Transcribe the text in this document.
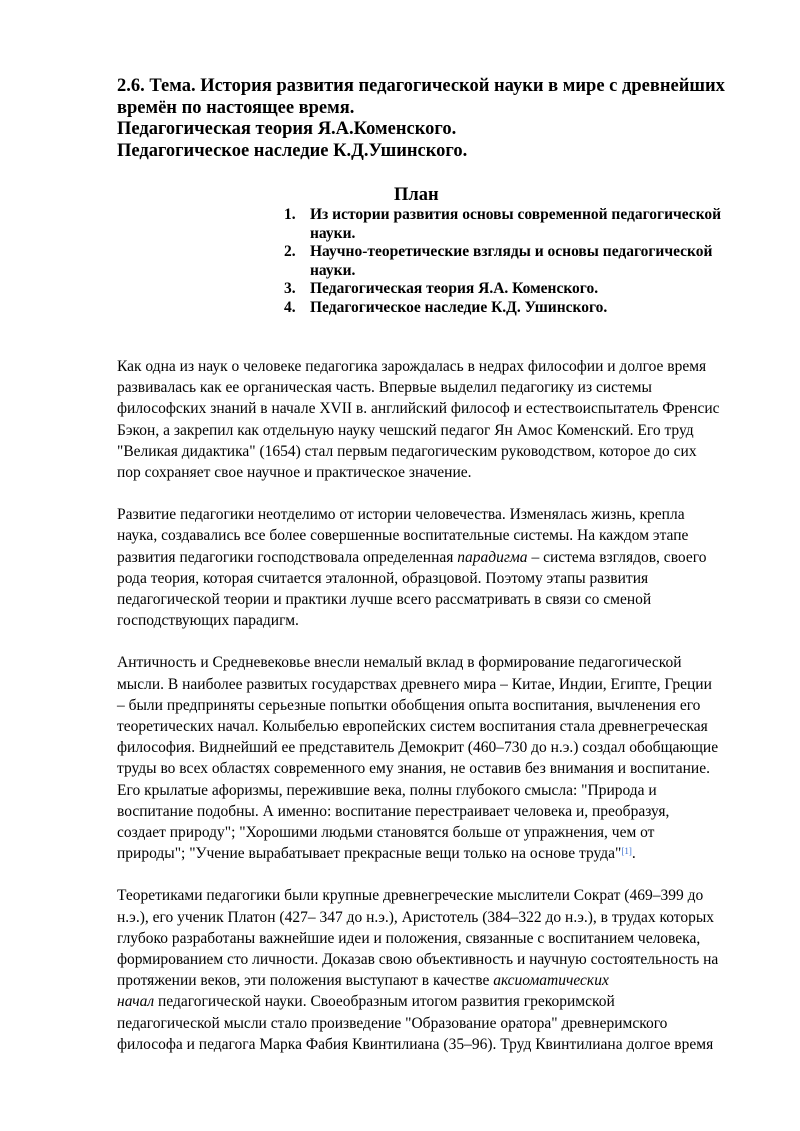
2.6. Тема. История развития педагогической науки в мире с древнейших
времён по настоящее время.
Педагогическая теория Я.А.Коменского.
Педагогическое наследие К.Д.Ушинского.
План
1. Из истории развития основы современной педагогической
науки.
2. Научно-теоретические взгляды и основы педагогической
науки.
3. Педагогическая теория Я.А. Коменского.
4. Педагогическое наследие К.Д. Ушинского.
Как одна из наук о человеке педагогика зарождалась в недрах философии и долгое время
развивалась как ее органическая часть. Впервые выделил педагогику из системы
философских знаний в начале XVII в. английский философ и естествоиспытатель Френсис
Бэкон, а закрепил как отдельную науку чешский педагог Ян Амос Коменский. Его труд
"Великая дидактика" (1654) стал первым педагогическим руководством, которое до сих
пор сохраняет свое научное и практическое значение.
Развитие педагогики неотделимо от истории человечества. Изменялась жизнь, крепла
наука, создавались все более совершенные воспитательные системы. На каждом этапе
развития педагогики господствовала определенная парадигма – система взглядов, своего
рода теория, которая считается эталонной, образцовой. Поэтому этапы развития
педагогической теории и практики лучше всего рассматривать в связи со сменой
господствующих парадигм.
Античность и Средневековье внесли немалый вклад в формирование педагогической
мысли. В наиболее развитых государствах древнего мира – Китае, Индии, Египте, Греции
– были предприняты серьезные попытки обобщения опыта воспитания, вычленения его
теоретических начал. Колыбелью европейских систем воспитания стала древнегреческая
философия. Виднейший ее представитель Демокрит (460–730 до н.э.) создал обобщающие
труды во всех областях современного ему знания, не оставив без внимания и воспитание.
Его крылатые афоризмы, пережившие века, полны глубокого смысла: "Природа и
воспитание подобны. А именно: воспитание перестраивает человека и, преобразуя,
создает природу"; "Хорошими людьми становятся больше от упражнения, чем от
природы"; "Учение вырабатывает прекрасные вещи только на основе труда"[1].
Теоретиками педагогики были крупные древнегреческие мыслители Сократ (469–399 до
н.э.), его ученик Платон (427– 347 до н.э.), Аристотель (384–322 до н.э.), в трудах которых
глубоко разработаны важнейшие идеи и положения, связанные с воспитанием человека,
формированием сто личности. Доказав свою объективность и научную состоятельность на
протяжении веков, эти положения выступают в качестве аксиоматических
начал педагогической науки. Своеобразным итогом развития грекоримской
педагогической мысли стало произведение "Образование оратора" древнеримского
философа и педагога Марка Фабия Квинтилиана (35–96). Труд Квинтилиана долгое время
